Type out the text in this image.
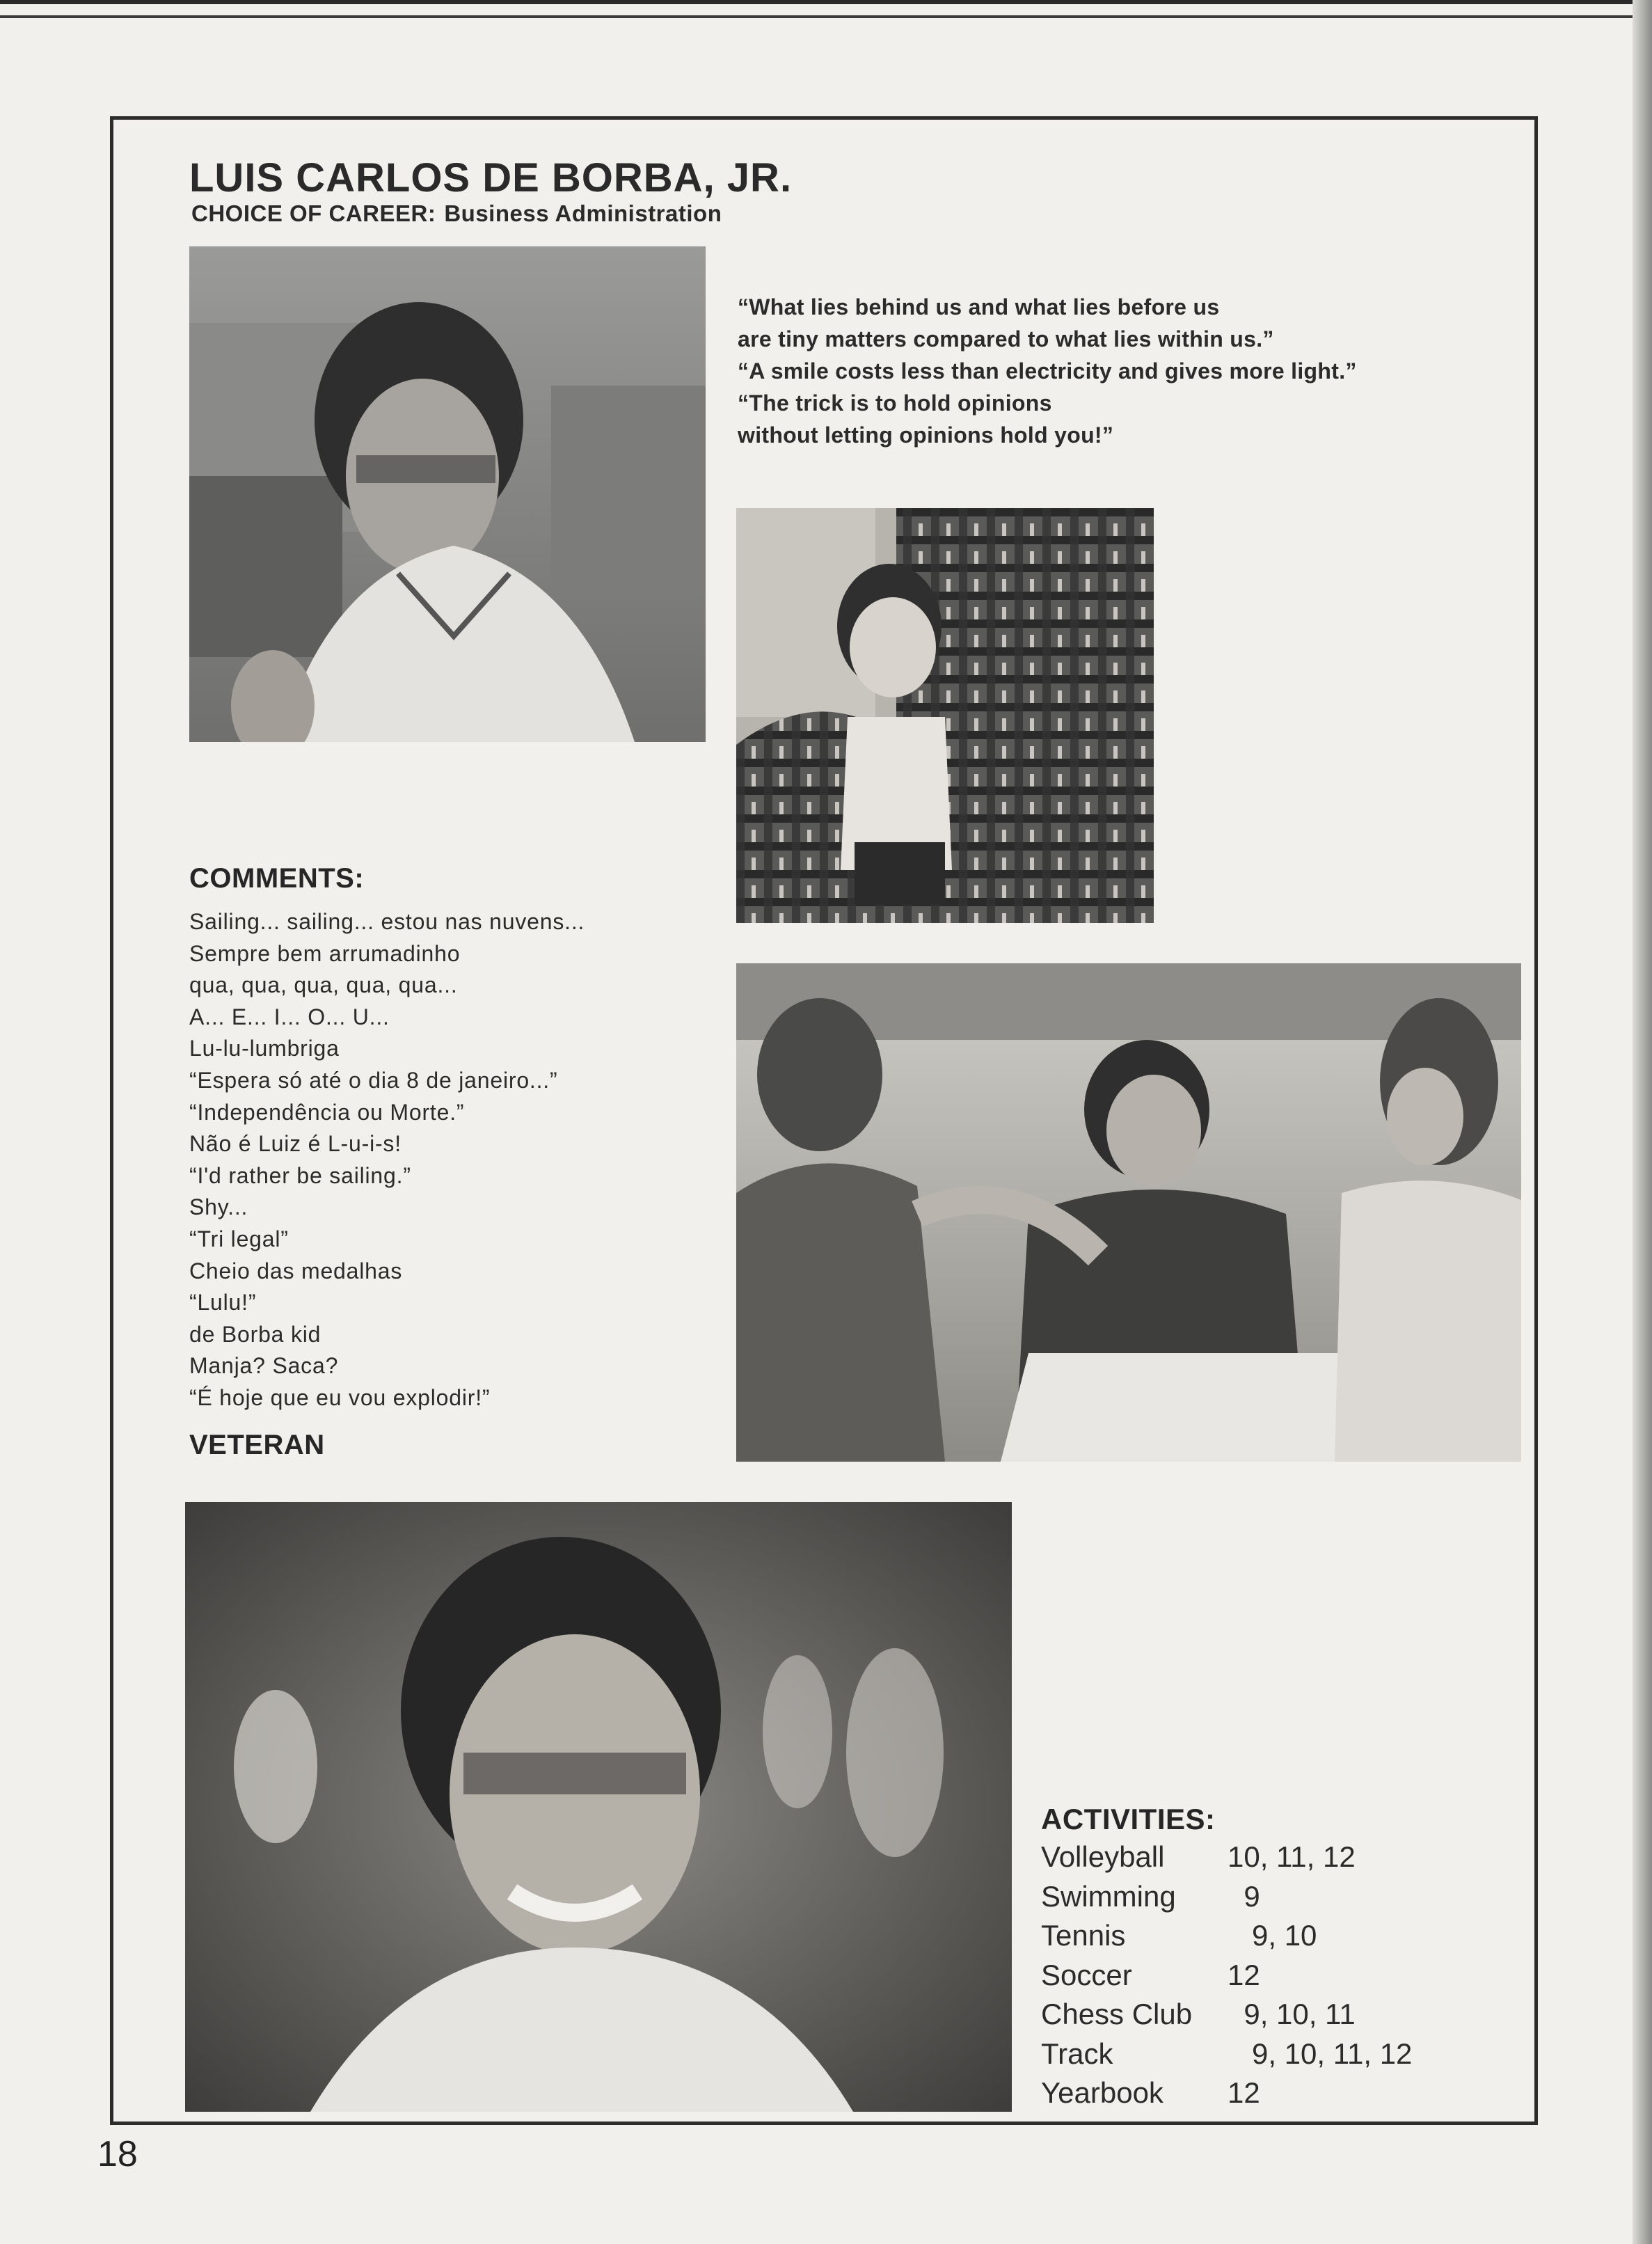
LUIS CARLOS DE BORBA, JR.
CHOICE OF CAREER: Business Administration
“What lies behind us and what lies before us
are tiny matters compared to what lies within us.”
“A smile costs less than electricity and gives more light.”
“The trick is to hold opinions
without letting opinions hold you!”
COMMENTS:
Sailing... sailing... estou nas nuvens...
Sempre bem arrumadinho
qua, qua, qua, qua, qua...
A... E... I... O... U...
Lu-lu-lumbriga
“Espera só até o dia 8 de janeiro...”
“Independência ou Morte.”
Não é Luiz é L-u-i-s!
“I'd rather be sailing.”
Shy...
“Tri legal”
Cheio das medalhas
“Lulu!”
de Borba kid
Manja? Saca?
“É hoje que eu vou explodir!”
VETERAN
ACTIVITIES:
Volleyball 10, 11, 12
Swimming 9
Tennis	9, 10
Soccer	12
Chess Club 9, 10, 11
Track	9, 10, 11, 12
Yearbook 12
18
